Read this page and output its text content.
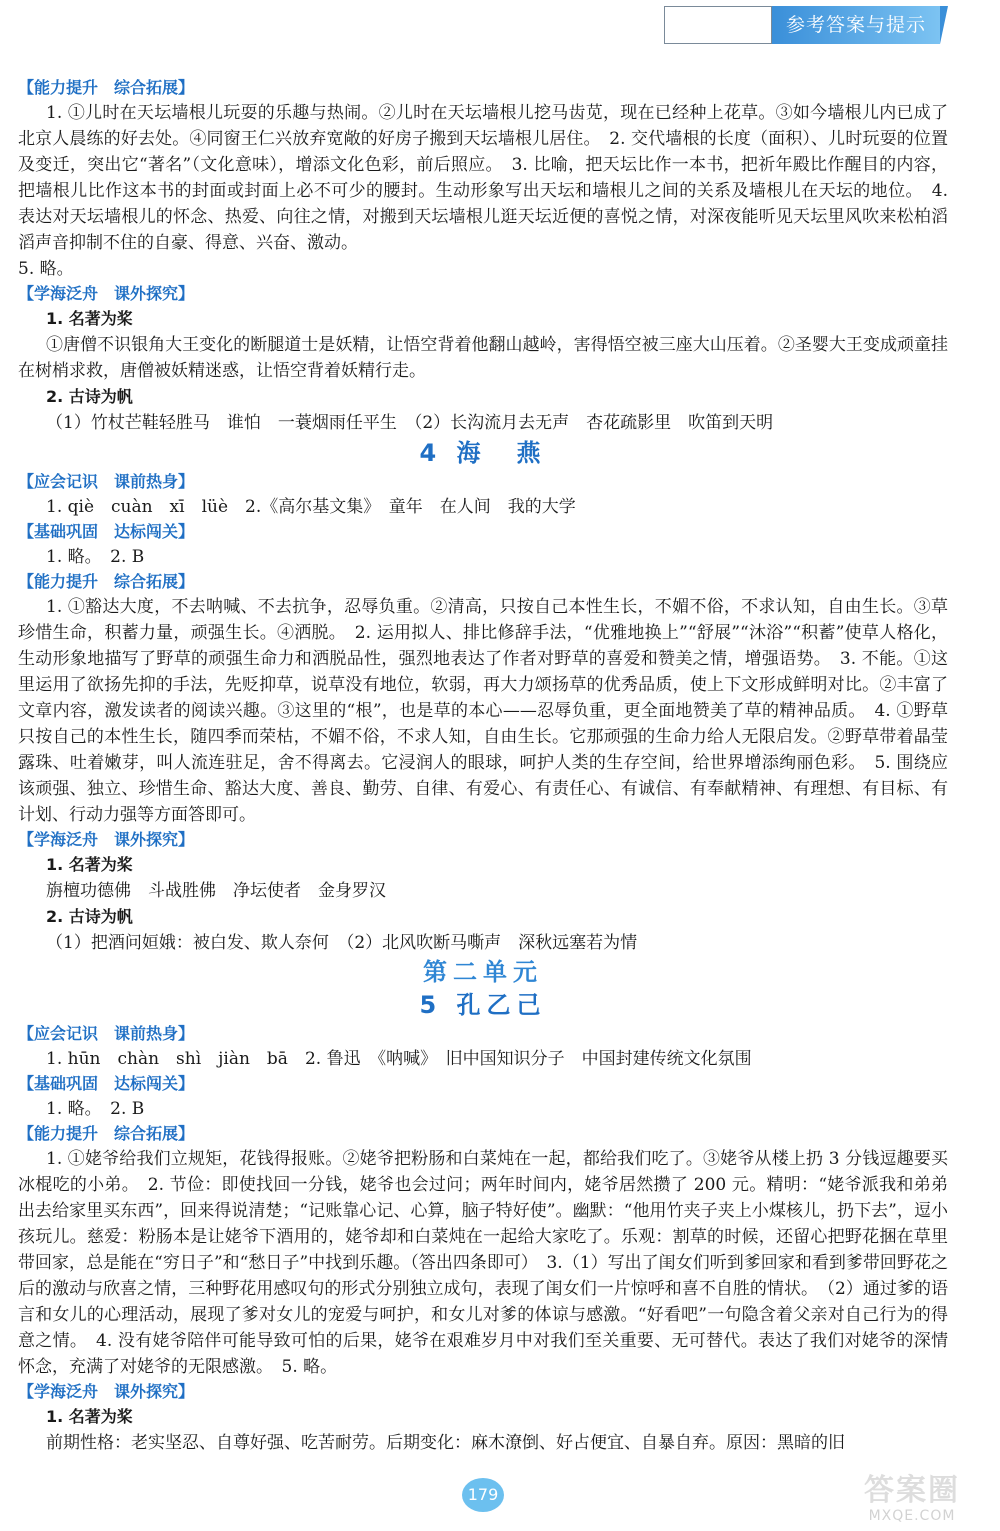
参考答案与提示
【能力提升　综合拓展】
1. ①儿时在天坛墙根儿玩耍的乐趣与热闹。②儿时在天坛墙根儿挖马齿苋，现在已经种上花草。③如今墙根儿内已成了北京人晨练的好去处。④同窗王仁兴放弃宽敞的好房子搬到天坛墙根儿居住。　2. 交代墙根的长度（面积）、儿时玩耍的位置及变迁，突出它“著名”（文化意味），增添文化色彩，前后照应。　3. 比喻，把天坛比作一本书，把祈年殿比作醒目的内容，把墙根儿比作这本书的封面或封面上必不可少的腰封。生动形象写出天坛和墙根儿之间的关系及墙根儿在天坛的地位。　4. 表达对天坛墙根儿的怀念、热爱、向往之情，对搬到天坛墙根儿逛天坛近便的喜悦之情，对深夜能听见天坛里风吹来松柏滔滔声音抑制不住的自豪、得意、兴奋、激动。
5. 略。
【学海泛舟　课外探究】
1. 名著为桨
①唐僧不识银角大王变化的断腿道士是妖精，让悟空背着他翻山越岭，害得悟空被三座大山压着。②圣婴大王变成顽童挂在树梢求救，唐僧被妖精迷惑，让悟空背着妖精行走。
2. 古诗为帆
（1）竹杖芒鞋轻胜马　谁怕　一蓑烟雨任平生　（2）长沟流月去无声　杏花疏影里　吹笛到天明
4 海　燕
【应会记识　课前热身】
1. qiè　cuàn　xī　lüè　2.《高尔基文集》　童年　在人间　我的大学
【基础巩固　达标闯关】
1. 略。　2. B
【能力提升　综合拓展】
1. ①豁达大度，不去呐喊、不去抗争，忍辱负重。②清高，只按自己本性生长，不媚不俗，不求认知，自由生长。③草珍惜生命，积蓄力量，顽强生长。④洒脱。　2. 运用拟人、排比修辞手法，“优雅地换上”“舒展”“沐浴”“积蓄”使草人格化，生动形象地描写了野草的顽强生命力和洒脱品性，强烈地表达了作者对野草的喜爱和赞美之情，增强语势。　3. 不能。①这里运用了欲扬先抑的手法，先贬抑草，说草没有地位，软弱，再大力颂扬草的优秀品质，使上下文形成鲜明对比。②丰富了文章内容，激发读者的阅读兴趣。③这里的“根”，也是草的本心——忍辱负重，更全面地赞美了草的精神品质。　4. ①野草只按自己的本性生长，随四季而荣枯，不媚不俗，不求人知，自由生长。它那顽强的生命力给人无限启发。②野草带着晶莹露珠、吐着嫩芽，叫人流连驻足，舍不得离去。它浸润人的眼球，呵护人类的生存空间，给世界增添绚丽色彩。　5. 围绕应该顽强、独立、珍惜生命、豁达大度、善良、勤劳、自律、有爱心、有责任心、有诚信、有奉献精神、有理想、有目标、有计划、行动力强等方面答即可。
【学海泛舟　课外探究】
1. 名著为桨
旃檀功德佛　斗战胜佛　净坛使者　金身罗汉
2. 古诗为帆
（1）把酒问姮娥：被白发、欺人奈何　（2）北风吹断马嘶声　深秋远塞若为情
第二单元
5 孔乙己
【应会记识　课前热身】
1. hūn　chàn　shì　jiàn　bā　2. 鲁迅　《呐喊》　旧中国知识分子　中国封建传统文化氛围
【基础巩固　达标闯关】
1. 略。　2. B
【能力提升　综合拓展】
1. ①姥爷给我们立规矩，花钱得报账。②姥爷把粉肠和白菜炖在一起，都给我们吃了。③姥爷从楼上扔 3 分钱逗趣要买冰棍吃的小弟。　2. 节俭：即使找回一分钱，姥爷也会过问；两年时间内，姥爷居然攒了 200 元。精明：“姥爷派我和弟弟出去给家里买东西”，回来得说清楚；“记账靠心记、心算，脑子特好使”。幽默：“他用竹夹子夹上小煤核儿，扔下去”，逗小孩玩儿。慈爱：粉肠本是让姥爷下酒用的，姥爷却和白菜炖在一起给大家吃了。乐观：割草的时候，还留心把野花捆在草里带回家，总是能在“穷日子”和“愁日子”中找到乐趣。（答出四条即可）　3.（1）写出了闺女们听到爹回家和看到爹带回野花之后的激动与欣喜之情，三种野花用感叹句的形式分别独立成句，表现了闺女们一片惊呼和喜不自胜的情状。　（2）通过爹的语言和女儿的心理活动，展现了爹对女儿的宠爱与呵护，和女儿对爹的体谅与感激。“好看吧”一句隐含着父亲对自己行为的得意之情。　4. 没有姥爷陪伴可能导致可怕的后果，姥爷在艰难岁月中对我们至关重要、无可替代。表达了我们对姥爷的深情怀念，充满了对姥爷的无限感激。　5. 略。
【学海泛舟　课外探究】
1. 名著为桨
前期性格：老实坚忍、自尊好强、吃苦耐劳。后期变化：麻木潦倒、好占便宜、自暴自弃。原因：黑暗的旧
179	答案圈
MXQE.COM
